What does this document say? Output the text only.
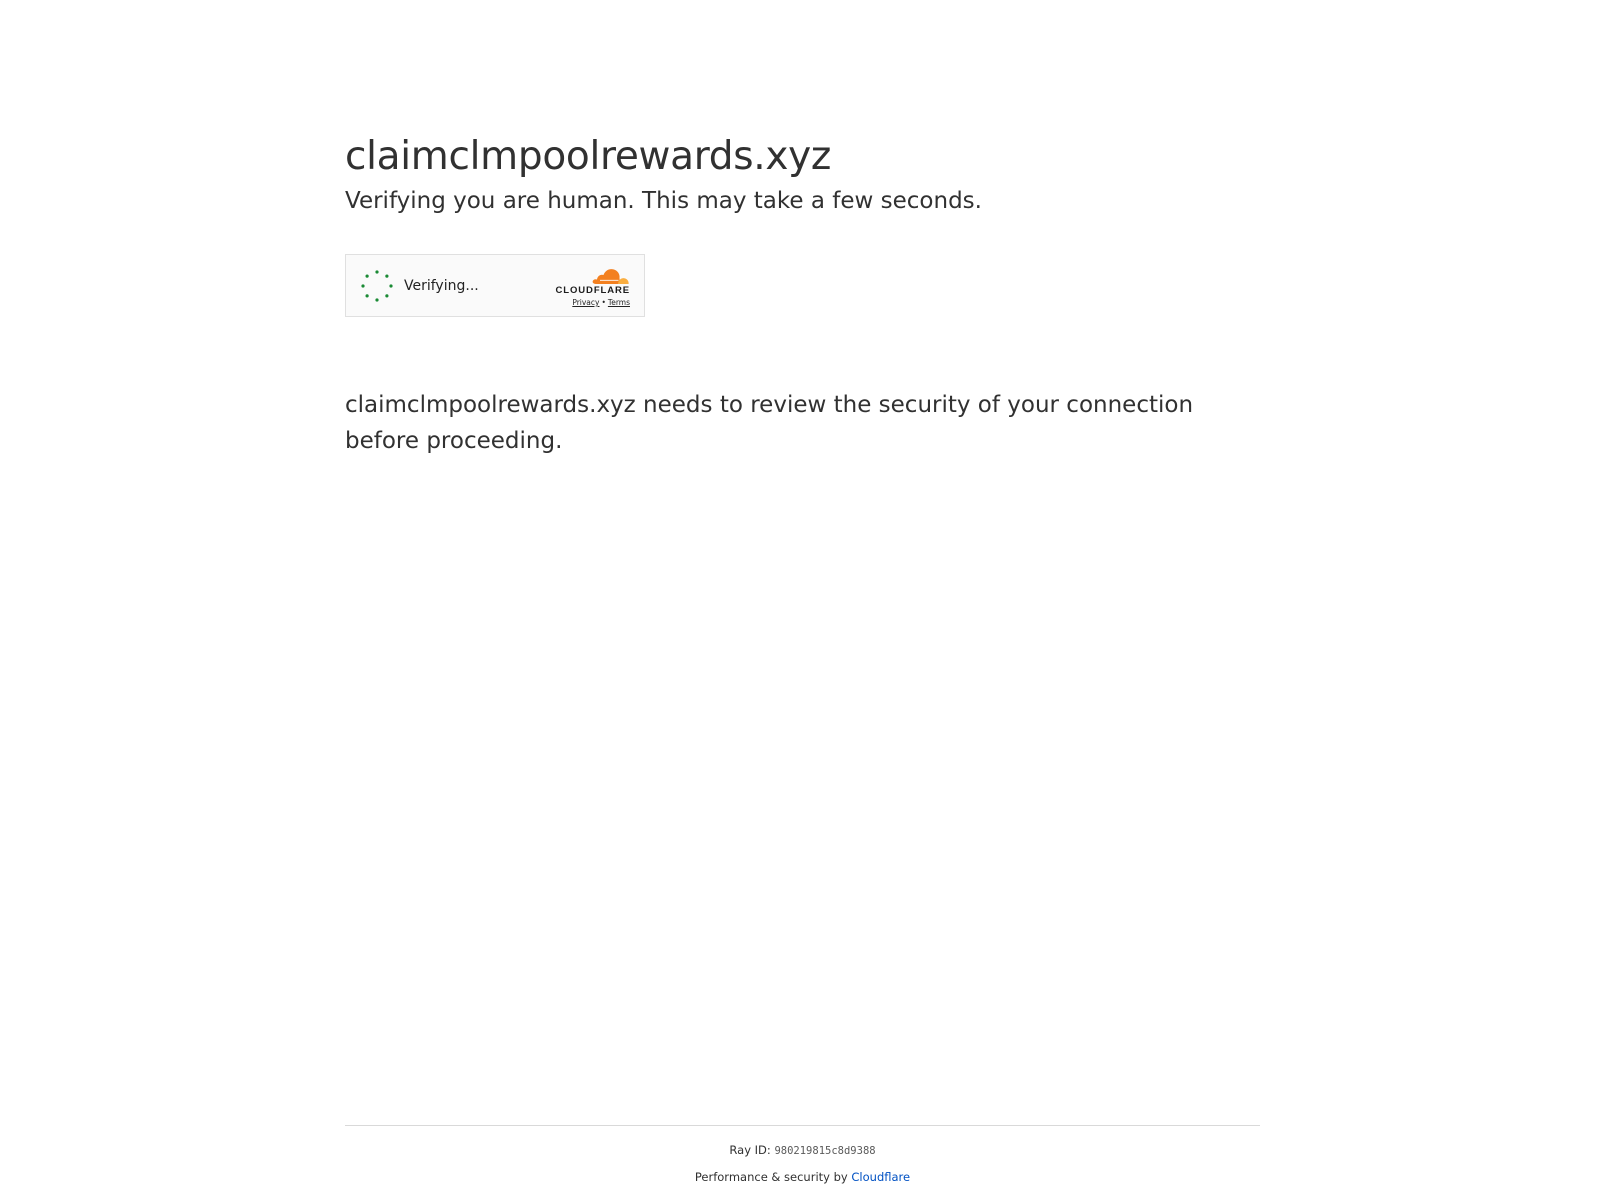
claimclmpoolrewards.xyz

Verifying you are human. This may take a few seconds.

Verifying...	CLOUDFLARE
Privacy • Terms

claimclmpoolrewards.xyz needs to review the security of your connection before proceeding.

Ray ID: 980219815c8d9388
Performance & security by Cloudflare
